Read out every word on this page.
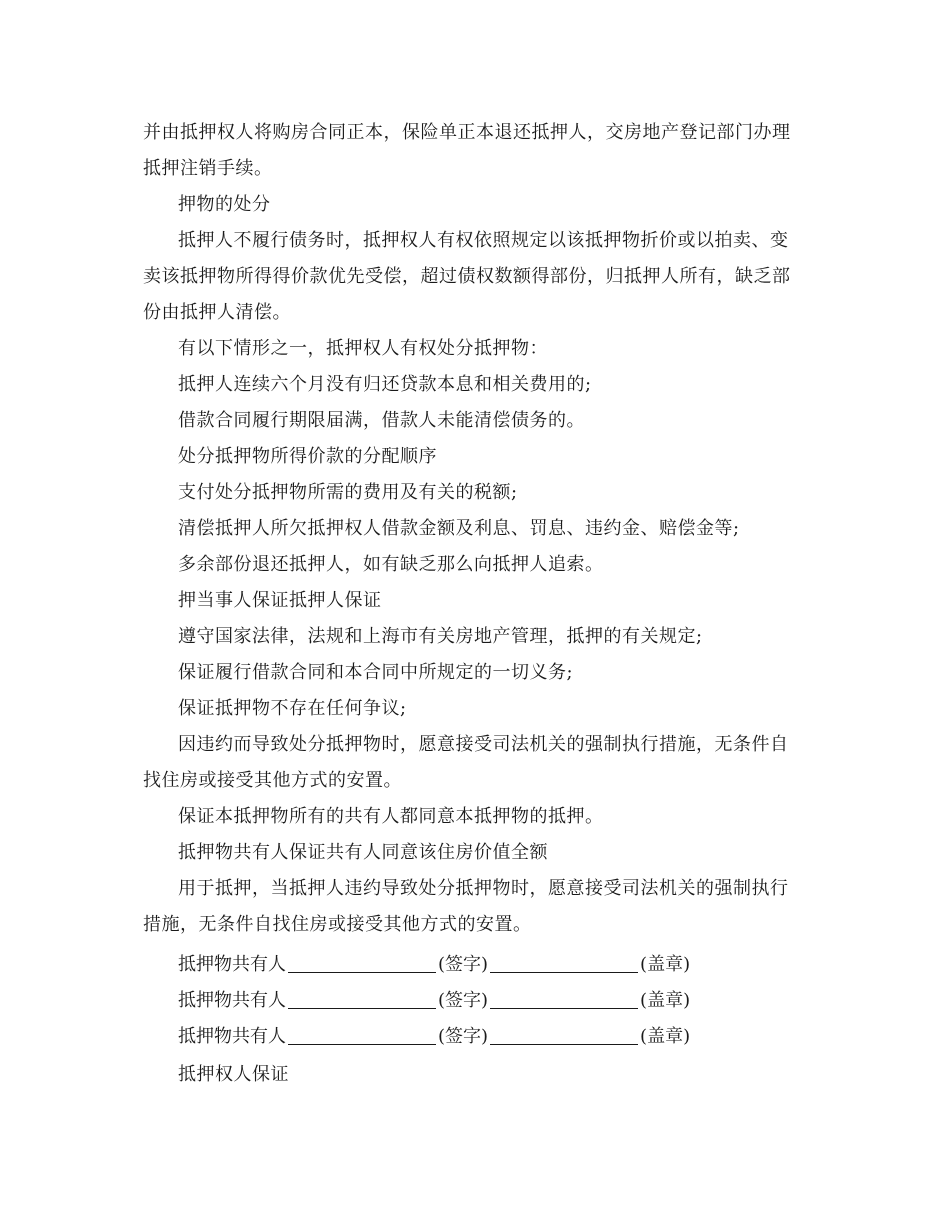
并由抵押权人将购房合同正本，保险单正本退还抵押人，交房地产登记部门办理
抵押注销手续。
押物的处分
抵押人不履行债务时，抵押权人有权依照规定以该抵押物折价或以拍卖、变
卖该抵押物所得得价款优先受偿，超过债权数额得部份，归抵押人所有，缺乏部
份由抵押人清偿。
有以下情形之一，抵押权人有权处分抵押物：
抵押人连续六个月没有归还贷款本息和相关费用的;
借款合同履行期限届满，借款人未能清偿债务的。
处分抵押物所得价款的分配顺序
支付处分抵押物所需的费用及有关的税额;
清偿抵押人所欠抵押权人借款金额及利息、罚息、违约金、赔偿金等;
多余部份退还抵押人，如有缺乏那么向抵押人追索。
押当事人保证抵押人保证
遵守国家法律，法规和上海市有关房地产管理，抵押的有关规定;
保证履行借款合同和本合同中所规定的一切义务;
保证抵押物不存在任何争议;
因违约而导致处分抵押物时，愿意接受司法机关的强制执行措施，无条件自
找住房或接受其他方式的安置。
保证本抵押物所有的共有人都同意本抵押物的抵押。
抵押物共有人保证共有人同意该住房价值全额
用于抵押，当抵押人违约导致处分抵押物时，愿意接受司法机关的强制执行
措施，无条件自找住房或接受其他方式的安置。
抵押物共有人	(签字)	(盖章)
抵押物共有人	(签字)	(盖章)
抵押物共有人	(签字)	(盖章)
抵押权人保证
